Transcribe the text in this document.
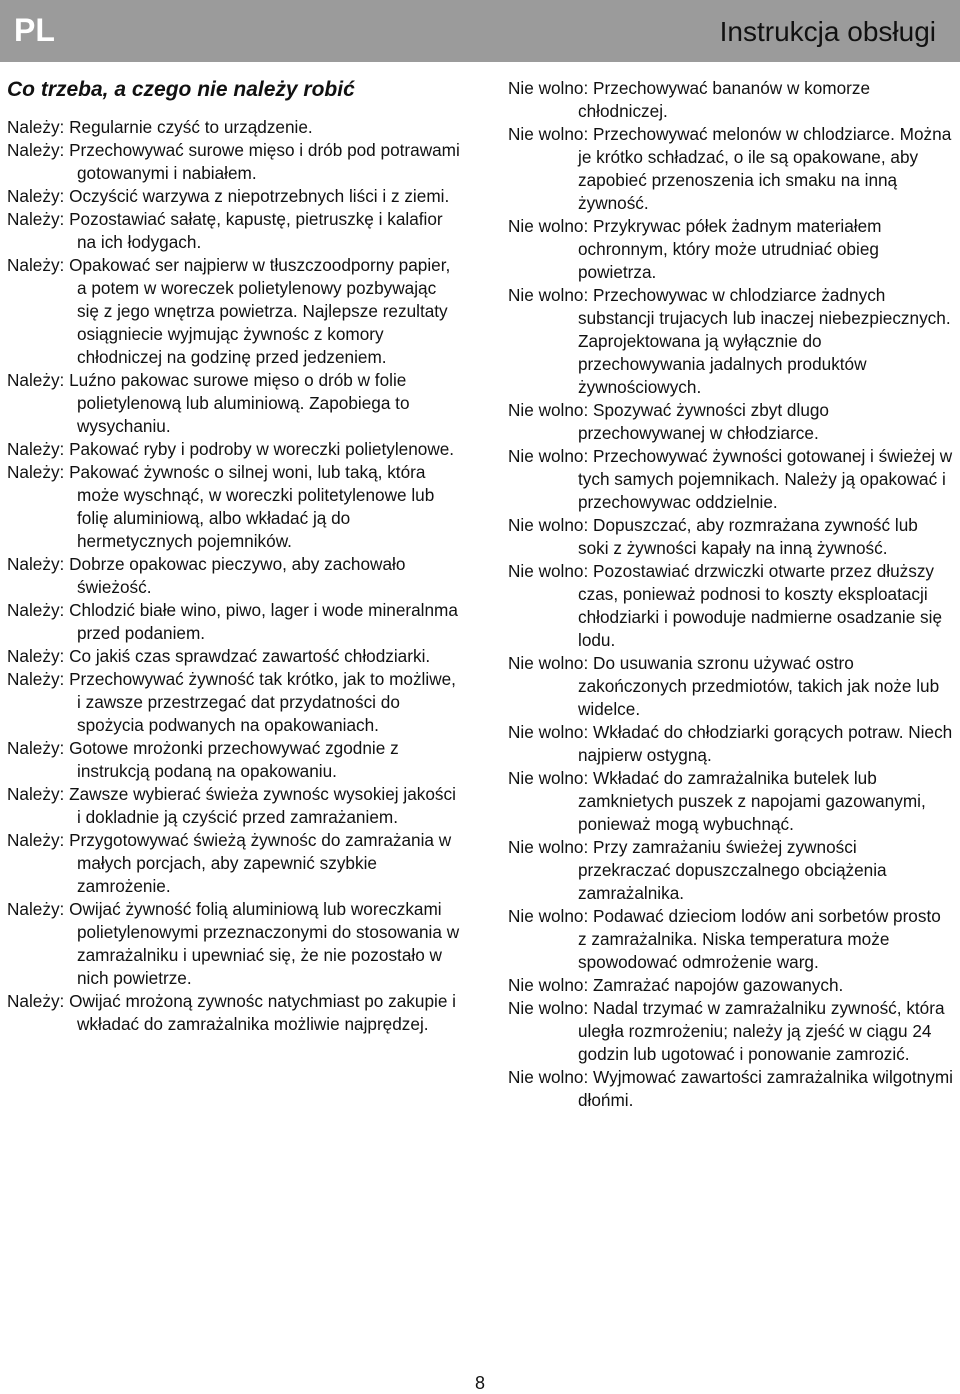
PL	Instrukcja obsługi
Co trzeba, a czego nie należy robić

Należy: Regularnie czyść to urządzenie.

Należy: Przechowywać surowe mięso i drób pod potrawami gotowanymi i nabiałem.

Należy: Oczyścić warzywa z niepotrzebnych liści i z ziemi.

Należy: Pozostawiać sałatę, kapustę, pietruszkę i kalafior na ich łodygach.

Należy: Opakować ser najpierw w tłuszczoodporny papier, a potem w woreczek polietylenowy pozbywając się z jego wnętrza powietrza. Najlepsze rezultaty osiągniecie wyjmując żywnośc z komory chłodniczej na godzinę przed jedzeniem.

Należy: Luźno pakowac surowe mięso o drób w folie polietylenową lub aluminiową. Zapobiega to wysychaniu.

Należy: Pakować ryby i podroby w woreczki polietylenowe.

Należy: Pakować żywnośc o silnej woni, lub taką, która może wyschnąć, w woreczki politetylenowe lub folię aluminiową, albo wkładać ją do hermetycznych pojemników.

Należy: Dobrze opakowac pieczywo, aby zachowało świeżość.

Należy: Chlodzić białe wino, piwo, lager i wode mineralnma przed podaniem.

Należy: Co jakiś czas sprawdzać zawartość chłodziarki.

Należy: Przechowywać żywność tak krótko, jak to możliwe, i zawsze przestrzegać dat przydatności do spożycia podwanych na opakowaniach.

Należy: Gotowe mrożonki przechowywać zgodnie z instrukcją podaną na opakowaniu.

Należy: Zawsze wybierać świeża zywnośc wysokiej jakości i dokladnie ją czyścić przed zamrażaniem.

Należy: Przygotowywać świeżą żywnośc do zamrażania w małych porcjach, aby zapewnić szybkie zamrożenie.

Należy: Owijać żywność folią aluminiową lub woreczkami polietylenowymi przeznaczonymi do stosowania w zamrażalniku i upewniać się, że nie pozostało w nich powietrze.

Należy: Owijać mrożoną zywnośc natychmiast po zakupie i wkładać do zamrażalnika możliwie najprędzej.

Nie wolno: Przechowywać bananów w komorze chłodniczej.

Nie wolno: Przechowywać melonów w chlodziarce. Można je krótko schładzać, o ile są opakowane, aby zapobieć przenoszenia ich smaku na inną żywność.

Nie wolno: Przykrywac półek żadnym materiałem ochronnym, który może utrudniać obieg powietrza.

Nie wolno: Przechowywac w chlodziarce żadnych substancji trujacych lub inaczej niebezpiecznych. Zaprojektowana ją wyłącznie do przechowywania jadalnych produktów żywnościowych.

Nie wolno: Spozywać żywności zbyt dlugo przechowywanej w chłodziarce.

Nie wolno: Przechowywać żywności gotowanej i świeżej w tych samych pojemnikach. Należy ją opakować i przechowywac oddzielnie.

Nie wolno: Dopuszczać, aby rozmrażana zywność lub soki z żywności kapały na inną żywność.

Nie wolno: Pozostawiać drzwiczki otwarte przez dłuższy czas, ponieważ podnosi to koszty eksploatacji chłodziarki i powoduje nadmierne osadzanie się lodu.

Nie wolno: Do usuwania szronu używać ostro zakończonych przedmiotów, takich jak noże lub widelce.

Nie wolno: Wkładać do chłodziarki gorących potraw. Niech najpierw ostygną.

Nie wolno: Wkładać do zamrażalnika butelek lub zamknietych puszek z napojami gazowanymi, ponieważ mogą wybuchnąć.

Nie wolno: Przy zamrażaniu świeżej zywności przekraczać dopuszczalnego obciążenia zamrażalnika.

Nie wolno: Podawać dzieciom lodów ani sorbetów prosto z zamrażalnika. Niska temperatura może spowodować odmrożenie warg.

Nie wolno: Zamrażać napojów gazowanych.

Nie wolno: Nadal trzymać w zamrażalniku zywność, która uległa rozmrożeniu; należy ją zjeść w ciągu 24 godzin lub ugotować i ponowanie zamrozić.

Nie wolno: Wyjmować zawartości zamrażalnika wilgotnymi dłońmi.

8
